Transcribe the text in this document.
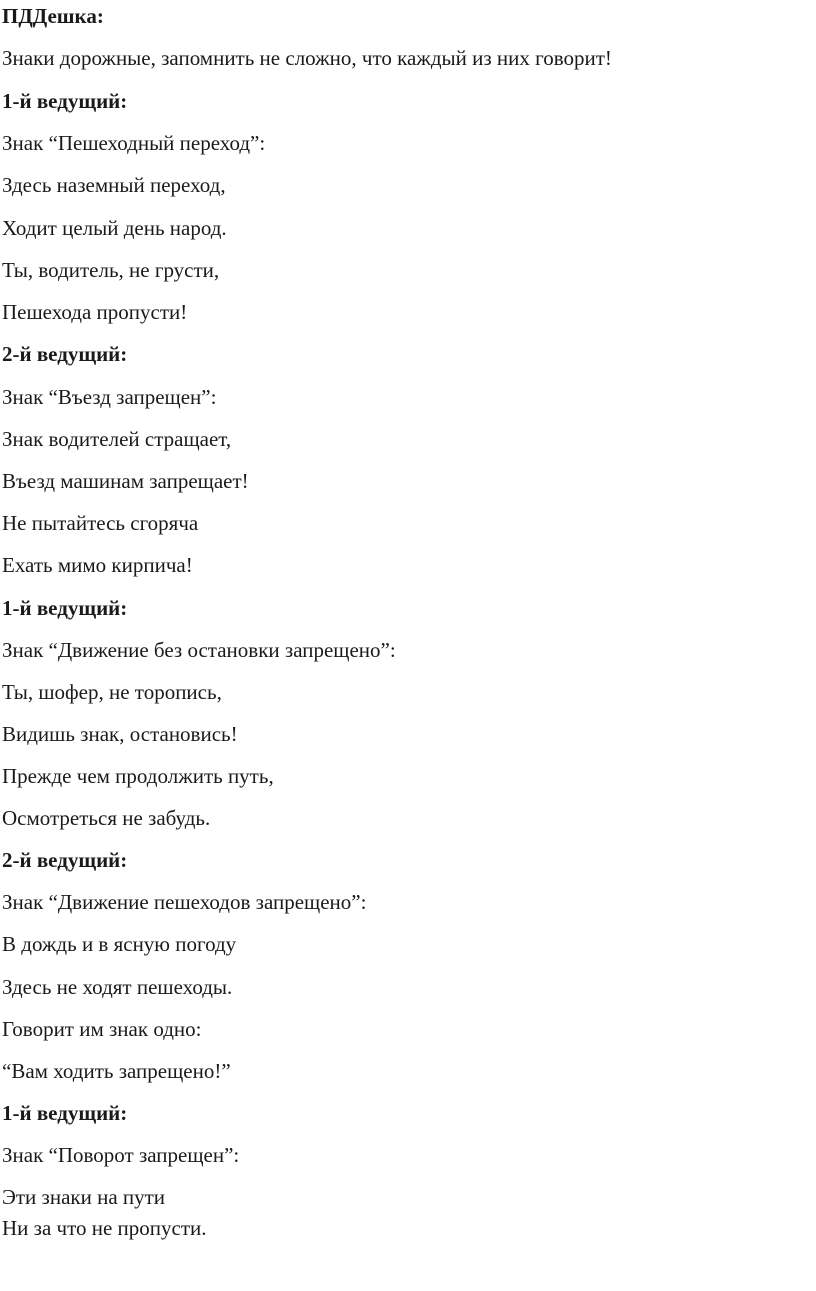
ПДДешка:
Знаки дорожные, запомнить не сложно, что каждый из них говорит!
1-й ведущий:
Знак “Пешеходный переход”:
Здесь наземный переход,
Ходит целый день народ.
Ты, водитель, не грусти,
Пешехода пропусти!
2-й ведущий:
Знак “Въезд запрещен”:
Знак водителей стращает,
Въезд машинам запрещает!
Не пытайтесь сгоряча
Ехать мимо кирпича!
1-й ведущий:
Знак “Движение без остановки запрещено”:
Ты, шофер, не торопись,
Видишь знак, остановись!
Прежде чем продолжить путь,
Осмотреться не забудь.
2-й ведущий:
Знак “Движение пешеходов запрещено”:
В дождь и в ясную погоду
Здесь не ходят пешеходы.
Говорит им знак одно:
“Вам ходить запрещено!”
1-й ведущий:
Знак “Поворот запрещен”:
Эти знаки на пути
Ни за что не пропусти.
